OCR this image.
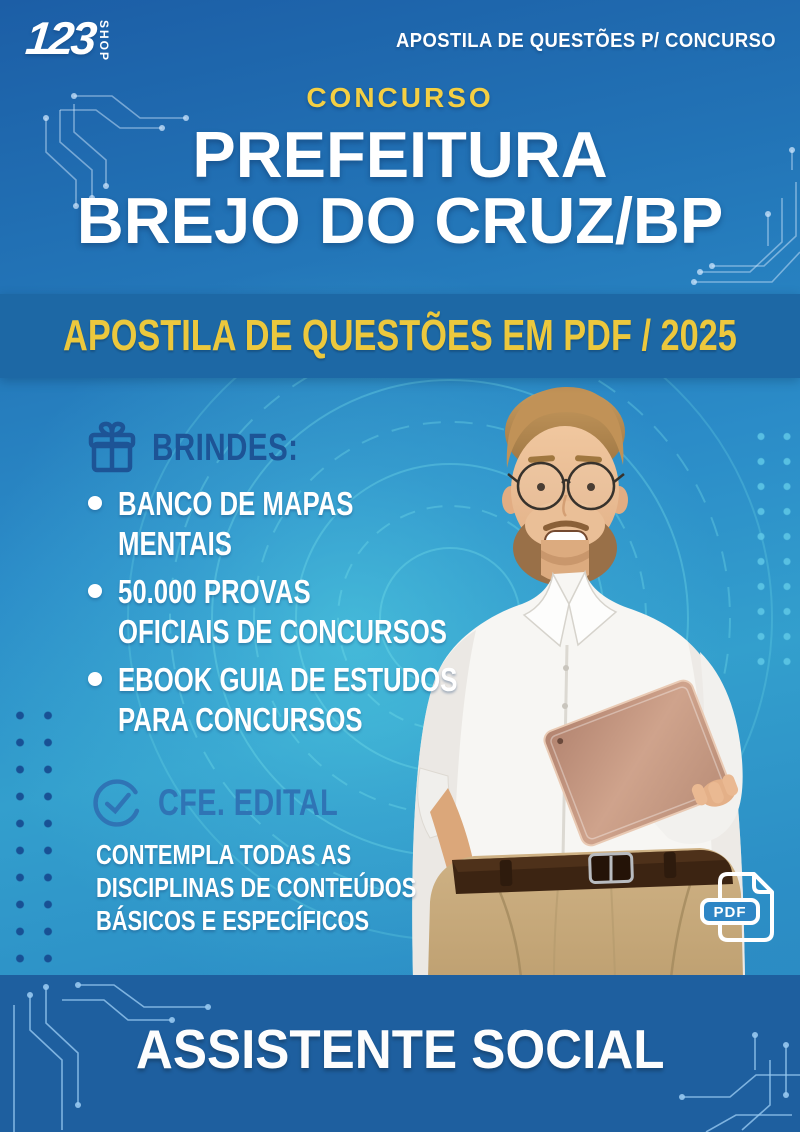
123 SHOP	APOSTILA DE QUESTÕES P/ CONCURSO
CONCURSO
PREFEITURA
BREJO DO CRUZ/BP
APOSTILA DE QUESTÕES EM PDF / 2025
BRINDES:
BANCO DE MAPAS
MENTAIS
50.000 PROVAS
OFICIAIS DE CONCURSOS
EBOOK GUIA DE ESTUDOS
PARA CONCURSOS
CFE. EDITAL
CONTEMPLA TODAS AS
DISCIPLINAS DE CONTEÚDOS
BÁSICOS E ESPECÍFICOS	PDF
ASSISTENTE SOCIAL
